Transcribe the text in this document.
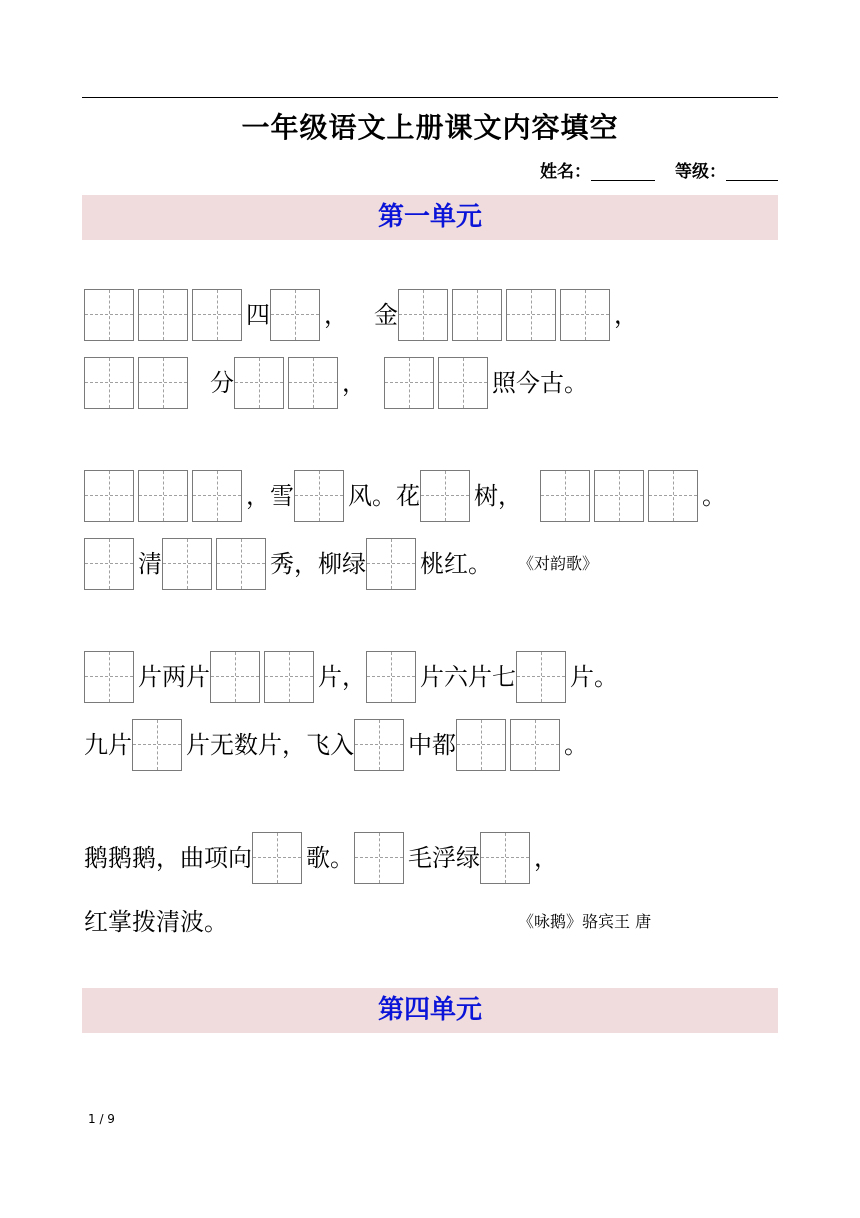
一年级语文上册课文内容填空
姓名：	等级：
第一单元
四 ， 金	，
分	，	照今古。
，雪 风。花 树，	。
清	秀，柳绿 桃红。 《对韵歌》
片两片	片， 片六片七 片。
九片 片无数片，飞入 中都	。
鹅鹅鹅，曲项向 歌。 毛浮绿 ，
红掌拨清波。	《咏鹅》骆宾王 唐
第四单元
1 / 9
